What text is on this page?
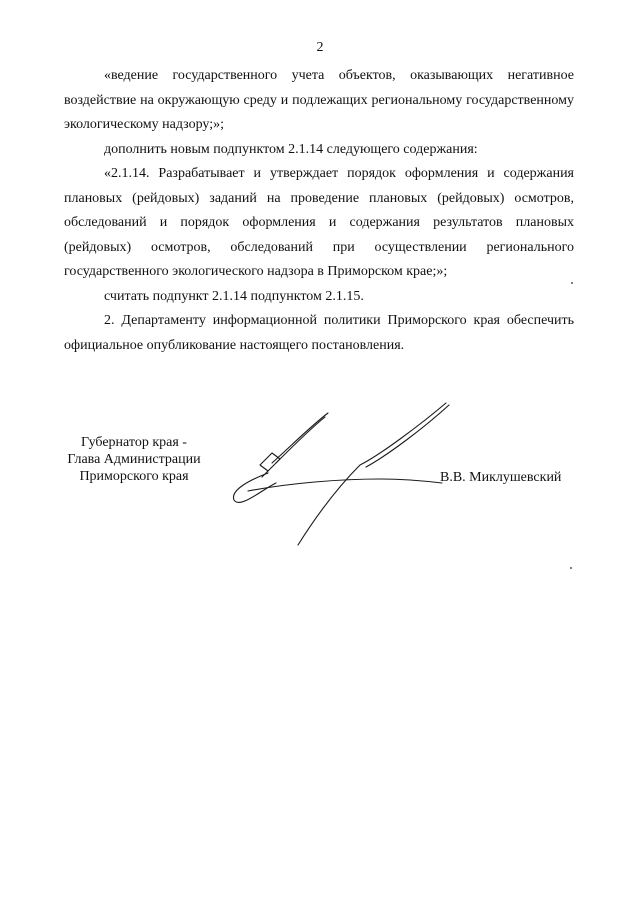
2

«ведение государственного учета объектов, оказывающих негативное воздействие на окружающую среду и подлежащих региональному государственному экологическому надзору;»;

дополнить новым подпунктом 2.1.14 следующего содержания:

«2.1.14. Разрабатывает и утверждает порядок оформления и содержания плановых (рейдовых) заданий на проведение плановых (рейдовых) осмотров, обследований и порядок оформления и содержания результатов плановых (рейдовых) осмотров, обследований при осуществлении регионального государственного экологического надзора в Приморском крае;»;

считать подпункт 2.1.14 подпунктом 2.1.15.

2. Департаменту информационной политики Приморского края обеспечить официальное опубликование настоящего постановления.

Губернатор края -
Глава Администрации
Приморского края	В.В. Миклушевский
